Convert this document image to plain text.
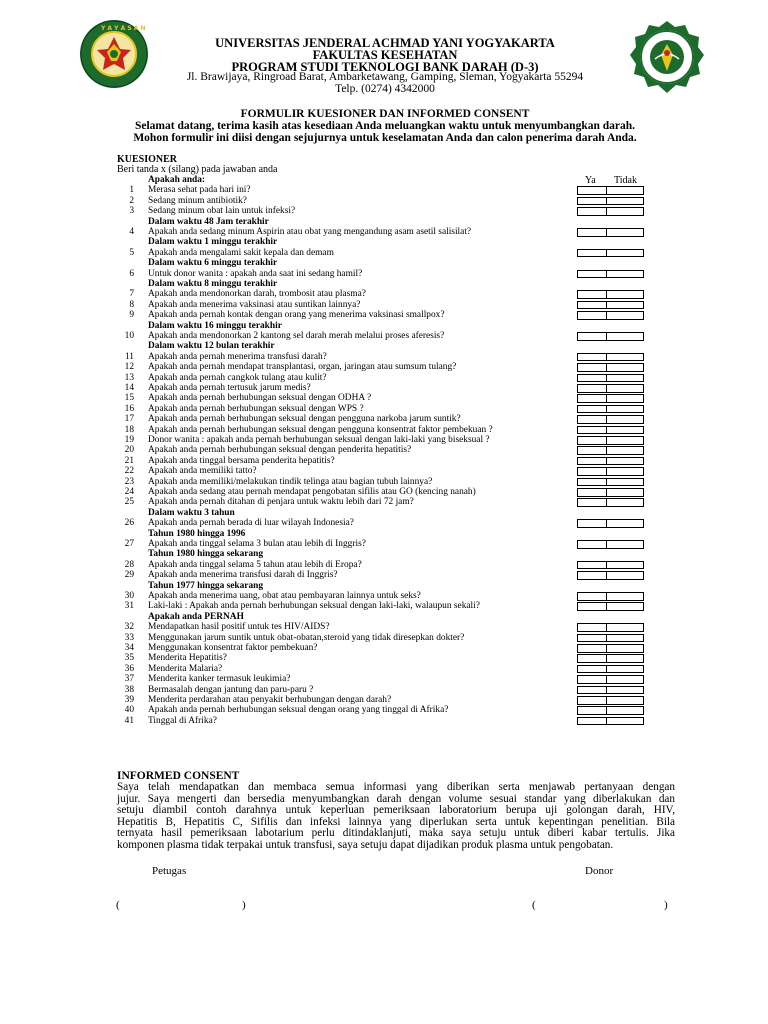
Y A Y A S A N
UNIVERSITAS JENDERAL ACHMAD YANI YOGYAKARTA
FAKULTAS KESEHATAN
PROGRAM STUDI TEKNOLOGI BANK DARAH (D-3)
Jl. Brawijaya, Ringroad Barat, Ambarketawang, Gamping, Sleman, Yogyakarta 55294
Telp. (0274) 4342000
FORMULIR KUESIONER DAN INFORMED CONSENT
Selamat datang, terima kasih atas kesediaan Anda meluangkan waktu untuk menyumbangkan darah.
Mohon formulir ini diisi dengan sejujurnya untuk keselamatan Anda dan calon penerima darah Anda.
KUESIONER
Beri tanda x (silang) pada jawaban anda
Ya Tidak
Apakah anda:
1 Merasa sehat pada hari ini?
2 Sedang minum antibiotik?
3 Sedang minum obat lain untuk infeksi?
Dalam waktu 48 Jam terakhir
4 Apakah anda sedang minum Aspirin atau obat yang mengandung asam asetil salisilat?
Dalam waktu 1 minggu terakhir
5 Apakah anda mengalami sakit kepala dan demam
Dalam waktu 6 minggu terakhir
6 Untuk donor wanita : apakah anda saat ini sedang hamil?
Dalam waktu 8 minggu terakhir
7 Apakah anda mendonorkan darah, trombosit atau plasma?
8 Apakah anda menerima vaksinasi atau suntikan lainnya?
9 Apakah anda pernah kontak dengan orang yang menerima vaksinasi smallpox?
Dalam waktu 16 minggu terakhir
10 Apakah anda mendonorkan 2 kantong sel darah merah melalui proses aferesis?
Dalam waktu 12 bulan terakhir
11 Apakah anda pernah menerima transfusi darah?
12 Apakah anda pernah mendapat transplantasi, organ, jaringan atau sumsum tulang?
13 Apakah anda pernah cangkok tulang atau kulit?
14 Apakah anda pernah tertusuk jarum medis?
15 Apakah anda pernah berhubungan seksual dengan ODHA ?
16 Apakah anda pernah berhubungan seksual dengan WPS ?
17 Apakah anda pernah berhubungan seksual dengan pengguna narkoba jarum suntik?
18 Apakah anda pernah berhubungan seksual dengan pengguna konsentrat faktor pembekuan ?
19 Donor wanita : apakah anda pernah berhubungan seksual dengan laki-laki yang biseksual ?
20 Apakah anda pernah berhubungan seksual dengan penderita hepatitis?
21 Apakah anda tinggal bersama penderita hepatitis?
22 Apakah anda memiliki tatto?
23 Apakah anda memiliki/melakukan tindik telinga atau bagian tubuh lainnya?
24 Apakah anda sedang atau pernah mendapat pengobatan sifilis atau GO (kencing nanah)
25 Apakah anda pernah ditahan di penjara untuk waktu lebih dari 72 jam?
Dalam waktu 3 tahun
26 Apakah anda pernah berada di luar wilayah Indonesia?
Tahun 1980 hingga 1996
27 Apakah anda tinggal selama 3 bulan atau lebih di Inggris?
Tahun 1980 hingga sekarang
28 Apakah anda tinggal selama 5 tahun atau lebih di Eropa?
29 Apakah anda menerima transfusi darah di Inggris?
Tahun 1977 hingga sekarang
30 Apakah anda menerima uang, obat atau pembayaran lainnya untuk seks?
31 Laki-laki : Apakah anda pernah berhubungan seksual dengan laki-laki, walaupun sekali?
Apakah anda PERNAH
32 Mendapatkan hasil positif untuk tes HIV/AIDS?
33 Menggunakan jarum suntik untuk obat-obatan,steroid yang tidak diresepkan dokter?
34 Menggunakan konsentrat faktor pembekuan?
35 Menderita Hepatitis?
36 Menderita Malaria?
37 Menderita kanker termasuk leukimia?
38 Bermasalah dengan jantung dan paru-paru ?
39 Menderita perdarahan atau penyakit berhubungan dengan darah?
40 Apakah anda pernah berhubungan seksual dengan orang yang tinggal di Afrika?
41 Tinggal di Afrika?
INFORMED CONSENT
Saya telah mendapatkan dan membaca semua informasi yang diberikan serta menjawab pertanyaan dengan
jujur. Saya mengerti dan bersedia menyumbangkan darah dengan volume sesuai standar yang diberlakukan dan
setuju diambil contoh darahnya untuk keperluan pemeriksaan laboratorium berupa uji golongan darah, HIV,
Hepatitis B, Hepatitis C, Sifilis dan infeksi lainnya yang diperlukan serta untuk kepentingan penelitian. Bila
ternyata hasil pemeriksaan labotarium perlu ditindaklanjuti, maka saya setuju untuk diberi kabar tertulis. Jika
komponen plasma tidak terpakai untuk transfusi, saya setuju dapat dijadikan produk plasma untuk pengobatan.
Petugas	Donor
(	)	(	)
